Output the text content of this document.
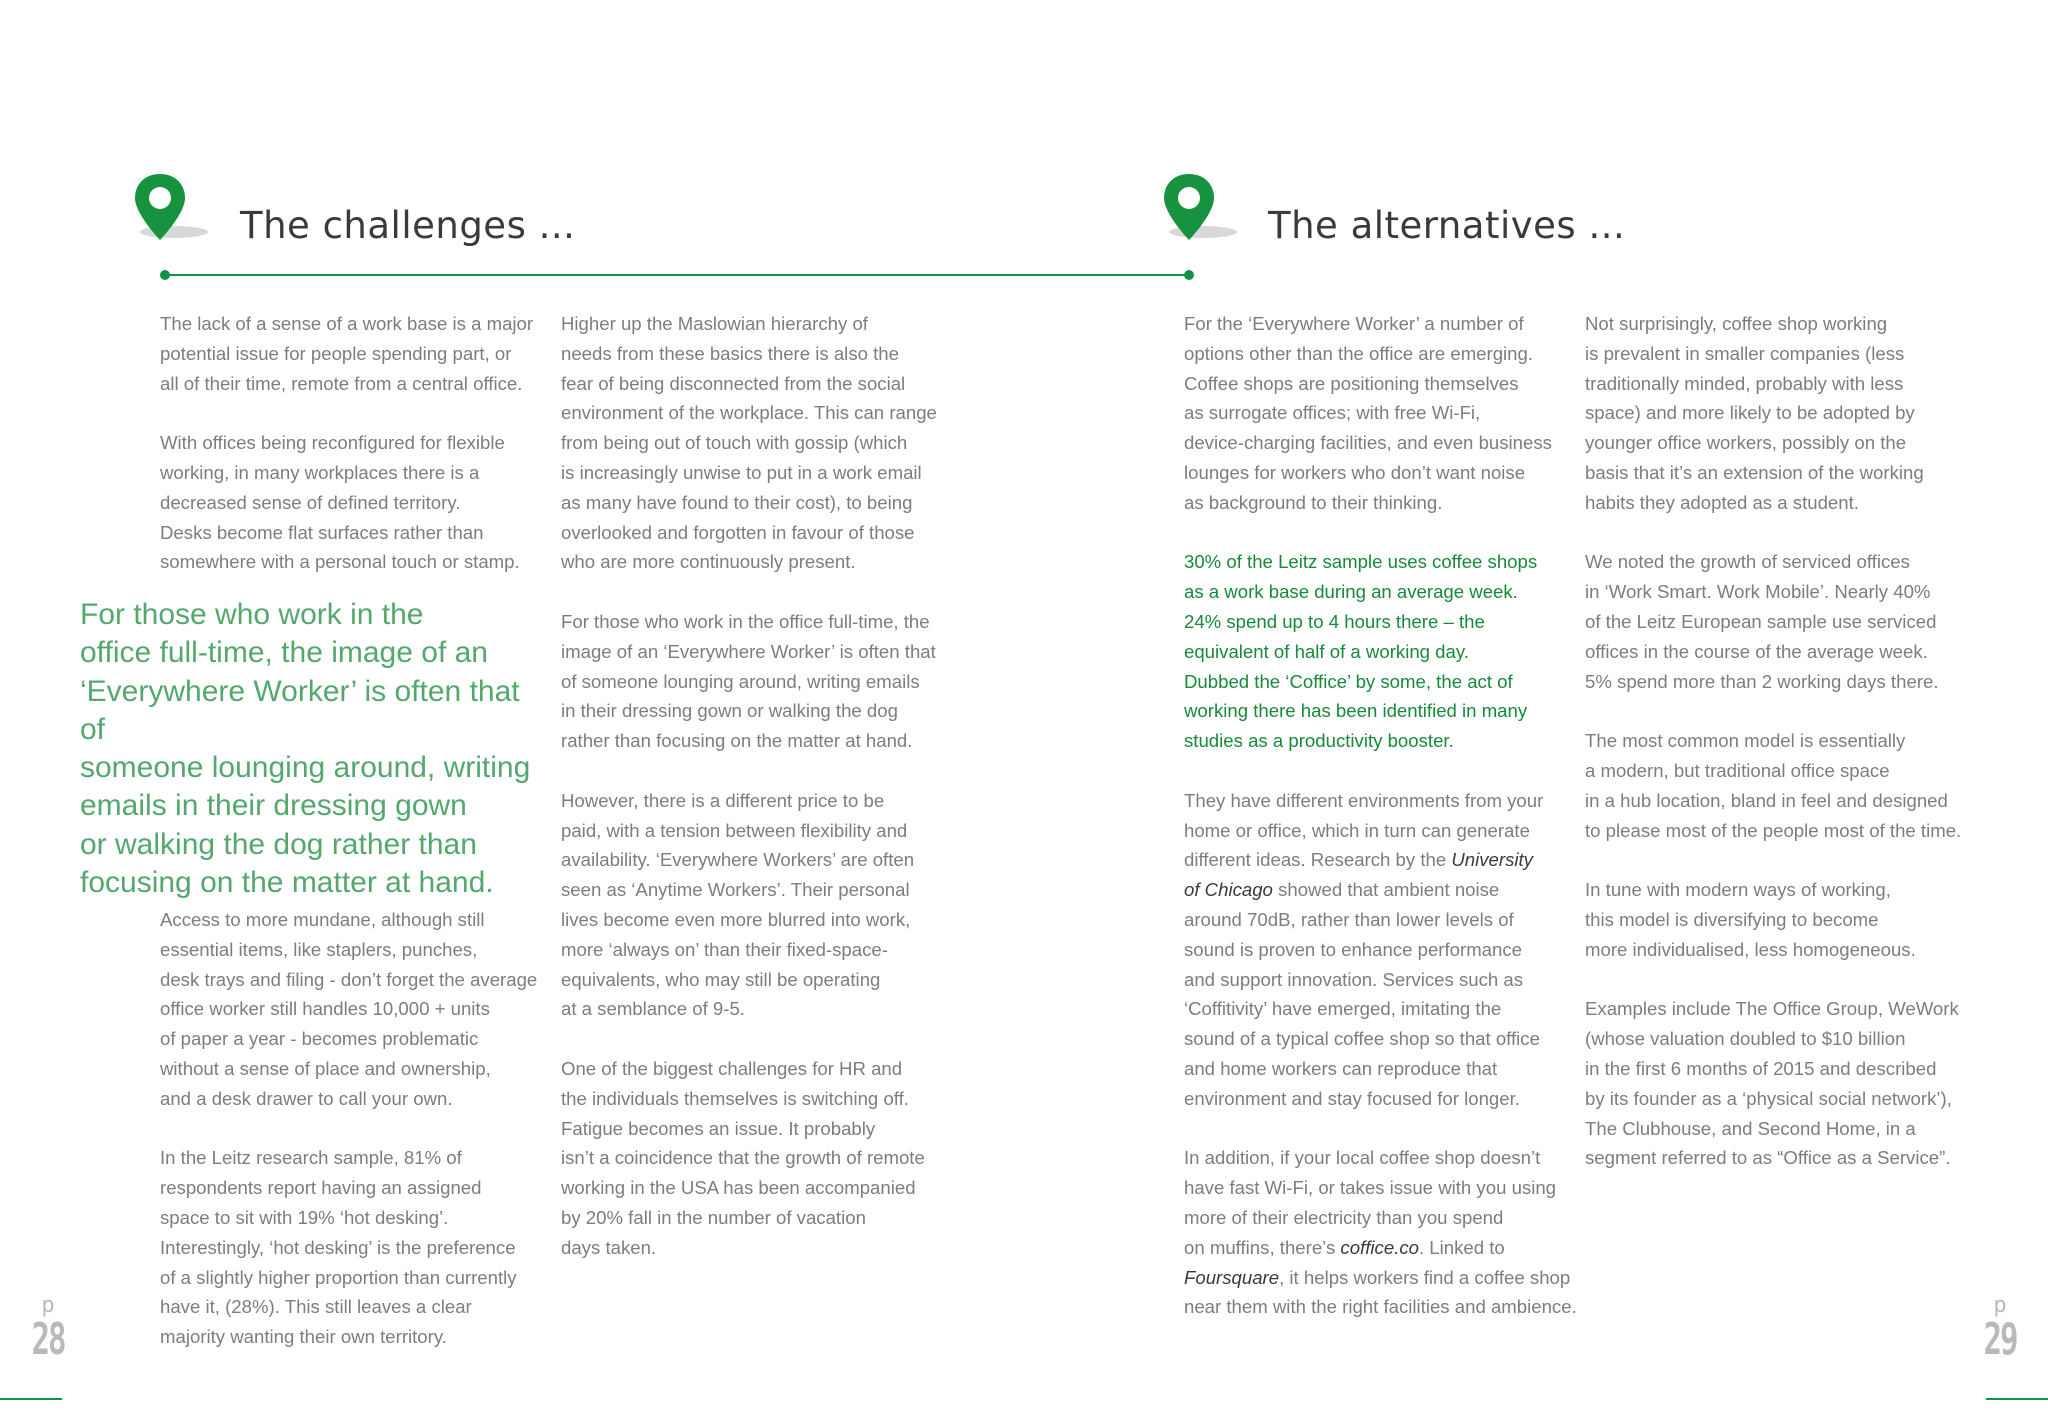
The challenges ...	The alternatives ...

The lack of a sense of a work base is a major
potential issue for people spending part, or
all of their time, remote from a central office.

With offices being reconfigured for flexible
working, in many workplaces there is a
decreased sense of defined territory.
Desks become flat surfaces rather than
somewhere with a personal touch or stamp.

For those who work in the
office full-time, the image of an
‘Everywhere Worker’ is often that of
someone lounging around, writing
emails in their dressing gown
or walking the dog rather than
focusing on the matter at hand.

Access to more mundane, although still
essential items, like staplers, punches,
desk trays and filing - don’t forget the average
office worker still handles 10,000 + units
of paper a year - becomes problematic
without a sense of place and ownership,
and a desk drawer to call your own.

In the Leitz research sample, 81% of
respondents report having an assigned
space to sit with 19% ‘hot desking’.
Interestingly, ‘hot desking’ is the preference
of a slightly higher proportion than currently
have it, (28%). This still leaves a clear
majority wanting their own territory.

Higher up the Maslowian hierarchy of
needs from these basics there is also the
fear of being disconnected from the social
environment of the workplace. This can range
from being out of touch with gossip (which
is increasingly unwise to put in a work email
as many have found to their cost), to being
overlooked and forgotten in favour of those
who are more continuously present.

For those who work in the office full-time, the
image of an ‘Everywhere Worker’ is often that
of someone lounging around, writing emails
in their dressing gown or walking the dog
rather than focusing on the matter at hand.

However, there is a different price to be
paid, with a tension between flexibility and
availability. ‘Everywhere Workers’ are often
seen as ‘Anytime Workers’. Their personal
lives become even more blurred into work,
more ‘always on’ than their fixed-space-
equivalents, who may still be operating
at a semblance of 9-5.

One of the biggest challenges for HR and
the individuals themselves is switching off.
Fatigue becomes an issue. It probably
isn’t a coincidence that the growth of remote
working in the USA has been accompanied
by 20% fall in the number of vacation
days taken.

For the ‘Everywhere Worker’ a number of
options other than the office are emerging.
Coffee shops are positioning themselves
as surrogate offices; with free Wi-Fi,
device-charging facilities, and even business
lounges for workers who don’t want noise
as background to their thinking.

30% of the Leitz sample uses coffee shops
as a work base during an average week.
24% spend up to 4 hours there – the
equivalent of half of a working day.
Dubbed the ‘Coffice’ by some, the act of
working there has been identified in many
studies as a productivity booster.

They have different environments from your
home or office, which in turn can generate
different ideas. Research by the University
of Chicago showed that ambient noise
around 70dB, rather than lower levels of
sound is proven to enhance performance
and support innovation. Services such as
‘Coffitivity’ have emerged, imitating the
sound of a typical coffee shop so that office
and home workers can reproduce that
environment and stay focused for longer.

In addition, if your local coffee shop doesn’t
have fast Wi-Fi, or takes issue with you using
more of their electricity than you spend
on muffins, there’s coffice.co. Linked to
Foursquare, it helps workers find a coffee shop
near them with the right facilities and ambience.

Not surprisingly, coffee shop working
is prevalent in smaller companies (less
traditionally minded, probably with less
space) and more likely to be adopted by
younger office workers, possibly on the
basis that it’s an extension of the working
habits they adopted as a student.

We noted the growth of serviced offices
in ‘Work Smart. Work Mobile’. Nearly 40%
of the Leitz European sample use serviced
offices in the course of the average week.
5% spend more than 2 working days there.

The most common model is essentially
a modern, but traditional office space
in a hub location, bland in feel and designed
to please most of the people most of the time.

In tune with modern ways of working,
this model is diversifying to become
more individualised, less homogeneous.

Examples include The Office Group, WeWork
(whose valuation doubled to $10 billion
in the first 6 months of 2015 and described
by its founder as a ‘physical social network’),
The Clubhouse, and Second Home, in a
segment referred to as “Office as a Service”.

p
28
p
29
